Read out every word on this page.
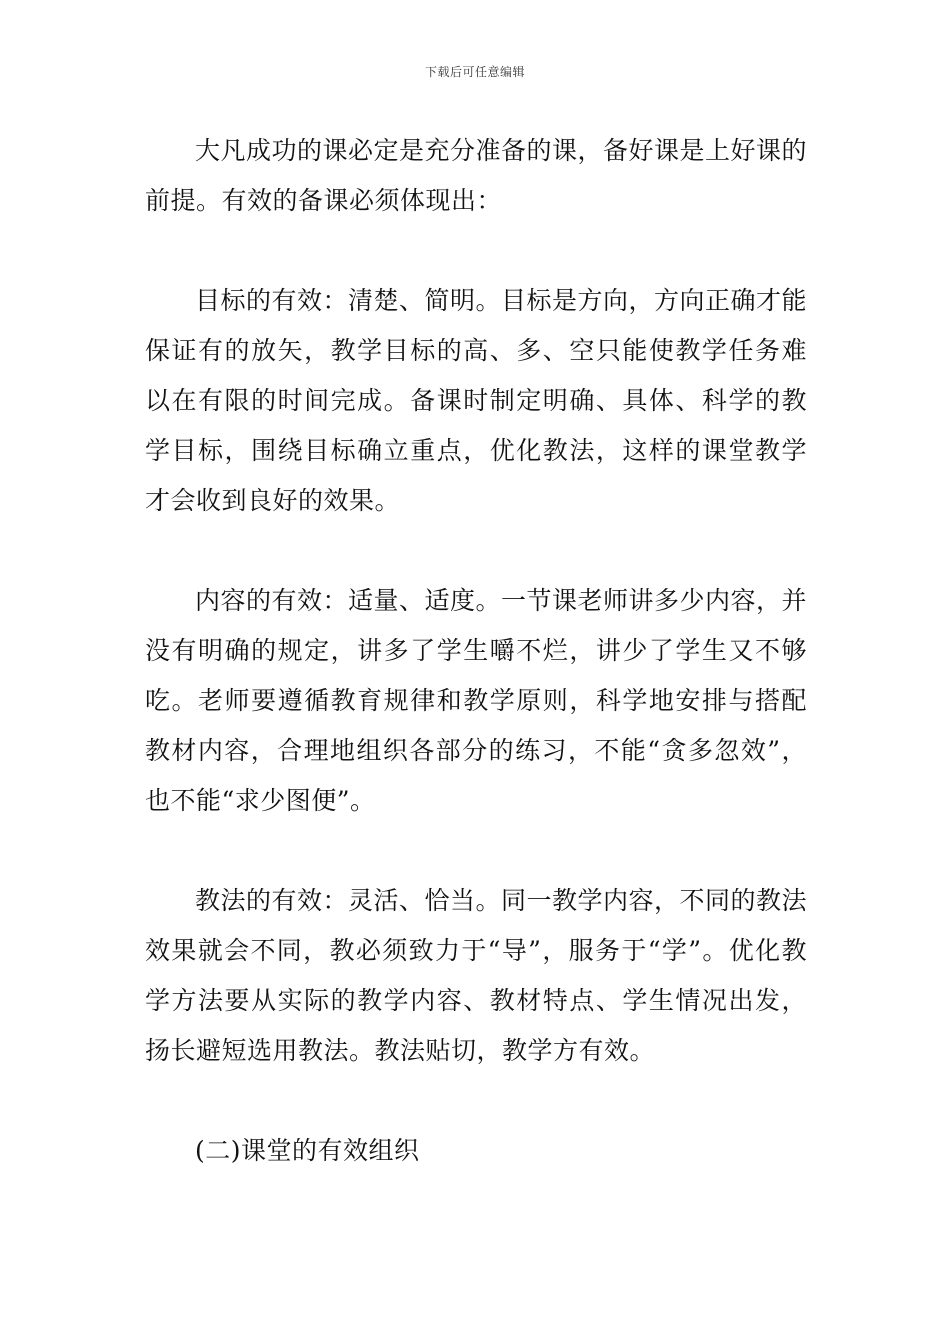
下载后可任意编辑

大凡成功的课必定是充分准备的课，备好课是上好课的前提。有效的备课必须体现出：

目标的有效：清楚、简明。目标是方向，方向正确才能保证有的放矢，教学目标的高、多、空只能使教学任务难以在有限的时间完成。备课时制定明确、具体、科学的教学目标，围绕目标确立重点，优化教法，这样的课堂教学才会收到良好的效果。

内容的有效：适量、适度。一节课老师讲多少内容，并没有明确的规定，讲多了学生嚼不烂，讲少了学生又不够吃。老师要遵循教育规律和教学原则，科学地安排与搭配教材内容，合理地组织各部分的练习，不能“贪多忽效”，也不能“求少图便”。

教法的有效：灵活、恰当。同一教学内容，不同的教法效果就会不同，教必须致力于“导”，服务于“学”。优化教学方法要从实际的教学内容、教材特点、学生情况出发，扬长避短选用教法。教法贴切，教学方有效。

(二)课堂的有效组织
